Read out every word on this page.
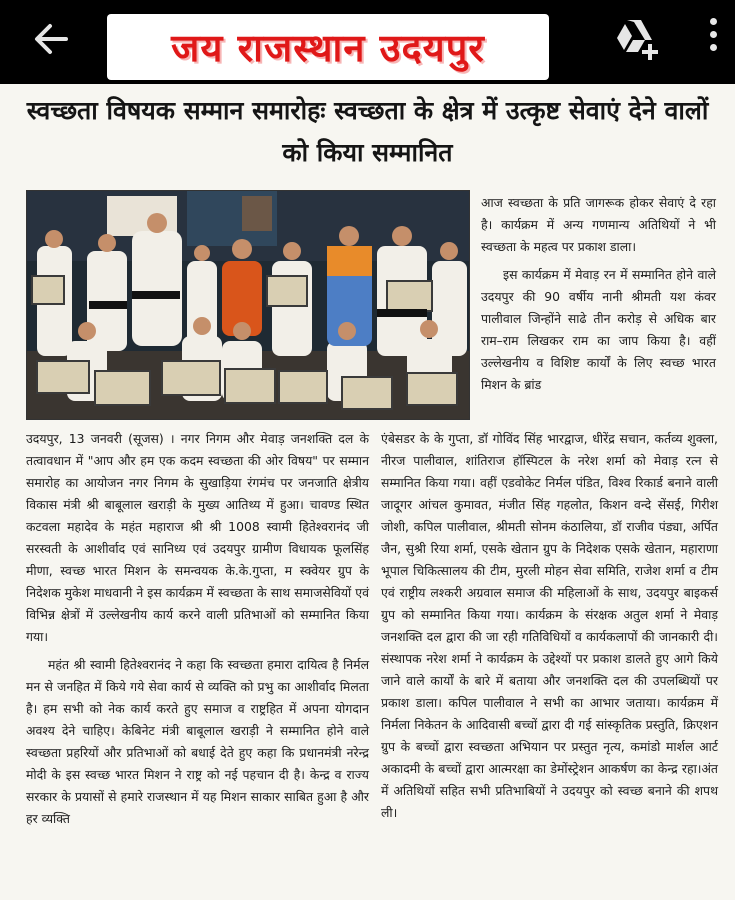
जय राजस्थान उदयपुर
स्वच्छता विषयक सम्मान समारोहः स्वच्छता के क्षेत्र में उत्कृष्ट सेवाएं देने वालों को किया सम्मानित

आज स्वच्छता के प्रति जागरूक होकर सेवाएं दे रहा है। कार्यक्रम में अन्य गणमान्य अतिथियों ने भी स्वच्छता के महत्व पर प्रकाश डाला।

इस कार्यक्रम में मेवाड़ रन में सम्मानित होने वाले उदयपुर की 90 वर्षीय नानी श्रीमती यश कंवर पालीवाल जिन्होंने साढे तीन करोड़ से अधिक बार राम–राम लिखकर राम का जाप किया है। वहीं उल्लेखनीय व विशिष्ट कार्यों के लिए स्वच्छ भारत मिशन के ब्रांड

उदयपुर, 13 जनवरी (सूजस) । नगर निगम और मेवाड़ जनशक्ति दल के तत्वावधान में "आप और हम एक कदम स्वच्छता की ओर विषय" पर सम्मान समारोह का आयोजन नगर निगम के सुखाड़िया रंगमंच पर जनजाति क्षेत्रीय विकास मंत्री श्री बाबूलाल खराड़ी के मुख्य आतिथ्य में हुआ। चावण्ड स्थित कटवला महादेव के महंत महाराज श्री श्री 1008 स्वामी हितेश्वरानंद जी सरस्वती के आशीर्वाद एवं सानिध्य एवं उदयपुर ग्रामीण विधायक फूलसिंह मीणा, स्वच्छ भारत मिशन के समन्वयक के.के.गुप्ता, म स्क्वेयर ग्रुप के निदेशक मुकेश माधवानी ने इस कार्यक्रम में स्वच्छता के साथ समाजसेवियों एवं विभिन्न क्षेत्रों में उल्लेखनीय कार्य करने वाली प्रतिभाओं को सम्मानित किया गया।

महंत श्री स्वामी हितेश्वरानंद ने कहा कि स्वच्छता हमारा दायित्व है निर्मल मन से जनहित में किये गये सेवा कार्य से व्यक्ति को प्रभु का आशीर्वाद मिलता है। हम सभी को नेक कार्य करते हुए समाज व राष्ट्रहित में अपना योगदान अवश्य देने चाहिए। केबिनेट मंत्री बाबूलाल खराड़ी ने सम्मानित होने वाले स्वच्छता प्रहरियों और प्रतिभाओं को बधाई देते हुए कहा कि प्रधानमंत्री नरेन्द्र मोदी के इस स्वच्छ भारत मिशन ने राष्ट्र को नई पहचान दी है। केन्द्र व राज्य सरकार के प्रयासों से हमारे राजस्थान में यह मिशन साकार साबित हुआ है और हर व्यक्ति

एंबेसडर के के गुप्ता, डॉ गोविंद सिंह भारद्वाज, धीरेंद्र सचान, कर्तव्य शुक्ला, नीरज पालीवाल, शांतिराज हॉस्पिटल के नरेश शर्मा को मेवाड़ रत्न से सम्मानित किया गया। वहीं एडवोकेट निर्मल पंडित, विश्व रिकार्ड बनाने वाली जादूगर आंचल कुमावत, मंजीत सिंह गहलोत, किशन वन्दे सेंसई, गिरीश जोशी, कपिल पालीवाल, श्रीमती सोनम कंठालिया, डॉ राजीव पंड्या, अर्पित जैन, सुश्री रिया शर्मा, एसके खेतान ग्रुप के निदेशक एसके खेतान, महाराणा भूपाल चिकित्सालय की टीम, मुरली मोहन सेवा समिति, राजेश शर्मा व टीम एवं राष्ट्रीय लश्करी अग्रवाल समाज की महिलाओं के साथ, उदयपुर बाइकर्स ग्रुप को सम्मानित किया गया। कार्यक्रम के संरक्षक अतुल शर्मा ने मेवाड़ जनशक्ति दल द्वारा की जा रही गतिविधियों व कार्यकलापों की जानकारी दी। संस्थापक नरेश शर्मा ने कार्यक्रम के उद्देश्यों पर प्रकाश डालते हुए आगे किये जाने वाले कार्यों के बारे में बताया और जनशक्ति दल की उपलब्धियों पर प्रकाश डाला। कपिल पालीवाल ने सभी का आभार जताया। कार्यक्रम में निर्मला निकेतन के आदिवासी बच्चों द्वारा दी गई सांस्कृतिक प्रस्तुति, क्रिएशन ग्रुप के बच्चों द्वारा स्वच्छता अभियान पर प्रस्तुत नृत्य, कमांडो मार्शल आर्ट अकादमी के बच्चों द्वारा आत्मरक्षा का डेमोंस्ट्रेशन आकर्षण का केन्द्र रहा।अंत में अतिथियों सहित सभी प्रतिभाबियों ने उदयपुर को स्वच्छ बनाने की शपथ ली।
